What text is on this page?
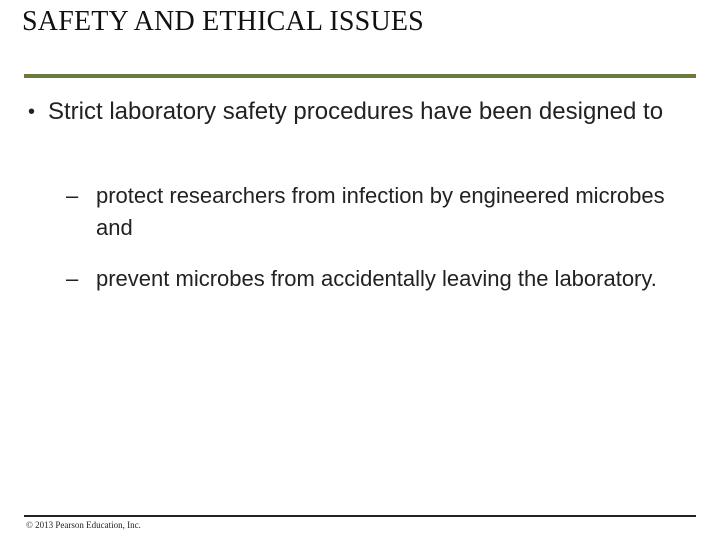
SAFETY AND ETHICAL ISSUES
• Strict laboratory safety procedures have been designed to
– protect researchers from infection by engineered microbes and
– prevent microbes from accidentally leaving the laboratory.
© 2013 Pearson Education, Inc.
